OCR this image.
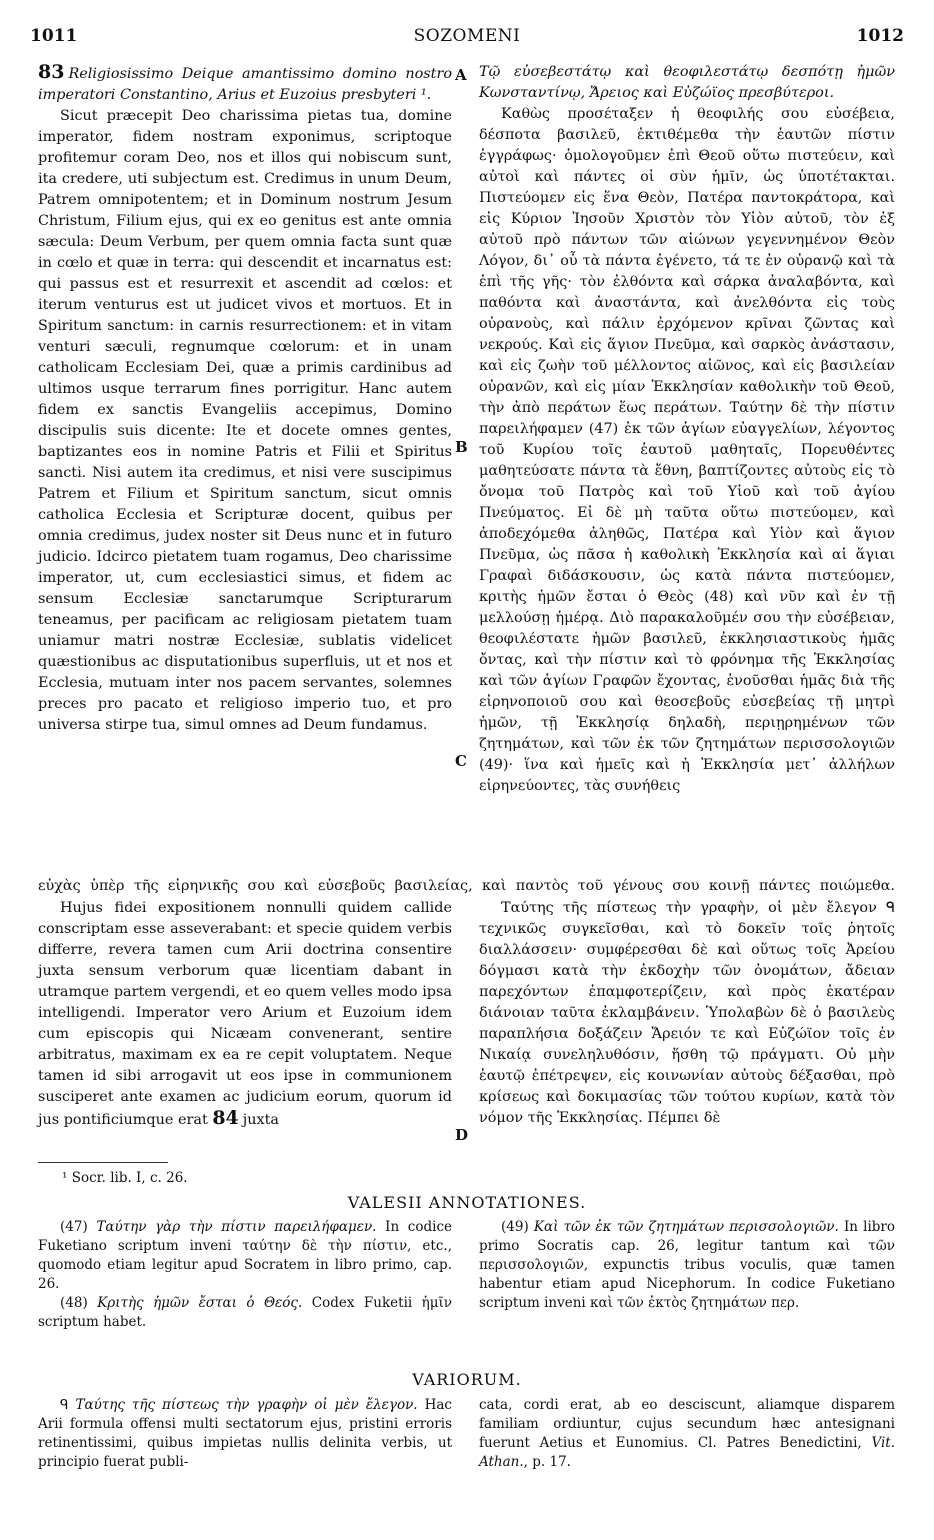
1011	SOZOMENI	1012

83 Religiosissimo Deique amantissimo domino nostro imperatori Constantino, Arius et Euzoius presbyteri ¹.

Sicut præcepit Deo charissima pietas tua, domine imperator, fidem nostram exponimus, scriptoque profitemur coram Deo, nos et illos qui nobiscum sunt, ita credere, uti subjectum est. Credimus in unum Deum, Patrem omnipotentem; et in Dominum nostrum Jesum Christum, Filium ejus, qui ex eo genitus est ante omnia sæcula: Deum Verbum, per quem omnia facta sunt quæ in cœlo et quæ in terra: qui descendit et incarnatus est: qui passus est et resurrexit et ascendit ad cœlos: et iterum venturus est ut judicet vivos et mortuos. Et in Spiritum sanctum: in carnis resurrectionem: et in vitam venturi sæculi, regnumque cœlorum: et in unam catholicam Ecclesiam Dei, quæ a primis cardinibus ad ultimos usque terrarum fines porrigitur. Hanc autem fidem ex sanctis Evangeliis accepimus, Domino discipulis suis dicente: Ite et docete omnes gentes, baptizantes eos in nomine Patris et Filii et Spiritus sancti. Nisi autem ita credimus, et nisi vere suscipimus Patrem et Filium et Spiritum sanctum, sicut omnis catholica Ecclesia et Scripturæ docent, quibus per omnia credimus, judex noster sit Deus nunc et in futuro judicio. Idcirco pietatem tuam rogamus, Deo charissime imperator, ut, cum ecclesiastici simus, et fidem ac sensum Ecclesiæ sanctarumque Scripturarum teneamus, per pacificam ac religiosam pietatem tuam uniamur matri nostræ Ecclesiæ, sublatis videlicet quæstionibus ac disputationibus superfluis, ut et nos et Ecclesia, mutuam inter nos pacem servantes, solemnes preces pro pacato et religioso imperio tuo, et pro universa stirpe tua, simul omnes ad Deum fundamus.

Τῷ εὐσεβεστάτῳ καὶ θεοφιλεστάτῳ δεσπότῃ ἡμῶν Κωνσταντίνῳ, Ἄρειος καὶ Εὐζώϊος πρεσβύτεροι.

Καθὼς προσέταξεν ἡ θεοφιλής σου εὐσέβεια, δέσποτα βασιλεῦ, ἐκτιθέμεθα τὴν ἑαυτῶν πίστιν ἐγγράφως· ὁμολογοῦμεν ἐπὶ Θεοῦ οὕτω πιστεύειν, καὶ αὐτοὶ καὶ πάντες οἱ σὺν ἡμῖν, ὡς ὑποτέτακται. Πιστεύομεν εἰς ἕνα Θεὸν, Πατέρα παντοκράτορα, καὶ εἰς Κύριον Ἰησοῦν Χριστὸν τὸν Υἱὸν αὐτοῦ, τὸν ἐξ αὐτοῦ πρὸ πάντων τῶν αἰώνων γεγεννημένον Θεὸν Λόγον, δι᾽ οὗ τὰ πάντα ἐγένετο, τά τε ἐν οὐρανῷ καὶ τὰ ἐπὶ τῆς γῆς· τὸν ἐλθόντα καὶ σάρκα ἀναλαβόντα, καὶ παθόντα καὶ ἀναστάντα, καὶ ἀνελθόντα εἰς τοὺς οὐρανοὺς, καὶ πάλιν ἐρχόμενον κρῖναι ζῶντας καὶ νεκρούς. Καὶ εἰς ἅγιον Πνεῦμα, καὶ σαρκὸς ἀνάστασιν, καὶ εἰς ζωὴν τοῦ μέλλοντος αἰῶνος, καὶ εἰς βασιλείαν οὐρανῶν, καὶ εἰς μίαν Ἐκκλησίαν καθολικὴν τοῦ Θεοῦ, τὴν ἀπὸ περάτων ἕως περάτων. Ταύτην δὲ τὴν πίστιν παρειλήφαμεν (47) ἐκ τῶν ἁγίων εὐαγγελίων, λέγοντος τοῦ Κυρίου τοῖς ἑαυτοῦ μαθηταῖς, Πορευθέντες μαθητεύσατε πάντα τὰ ἔθνη, βαπτίζοντες αὐτοὺς εἰς τὸ ὄνομα τοῦ Πατρὸς καὶ τοῦ Υἱοῦ καὶ τοῦ ἁγίου Πνεύματος. Εἰ δὲ μὴ ταῦτα οὕτω πιστεύομεν, καὶ ἀποδεχόμεθα ἀληθῶς, Πατέρα καὶ Υἱὸν καὶ ἅγιον Πνεῦμα, ὡς πᾶσα ἡ καθολικὴ Ἐκκλησία καὶ αἱ ἅγιαι Γραφαὶ διδάσκουσιν, ὡς κατὰ πάντα πιστεύομεν, κριτὴς ἡμῶν ἔσται ὁ Θεὸς (48) καὶ νῦν καὶ ἐν τῇ μελλούσῃ ἡμέρᾳ. Διὸ παρακαλοῦμέν σου τὴν εὐσέβειαν, θεοφιλέστατε ἡμῶν βασιλεῦ, ἐκκλησιαστικοὺς ἡμᾶς ὄντας, καὶ τὴν πίστιν καὶ τὸ φρόνημα τῆς Ἐκκλησίας καὶ τῶν ἁγίων Γραφῶν ἔχοντας, ἑνοῦσθαι ἡμᾶς διὰ τῆς εἰρηνοποιοῦ σου καὶ θεοσεβοῦς εὐσεβείας τῇ μητρὶ ἡμῶν, τῇ Ἐκκλησίᾳ δηλαδὴ, περιῃρημένων τῶν ζητημάτων, καὶ τῶν ἐκ τῶν ζητημάτων περισσολογιῶν (49)· ἵνα καὶ ἡμεῖς καὶ ἡ Ἐκκλησία μετ᾽ ἀλλήλων εἰρηνεύοντες, τὰς συνήθεις

A
B
C
D
εὐχὰς ὑπὲρ τῆς εἰρηνικῆς σου καὶ εὐσεβοῦς βασιλείας, καὶ παντὸς τοῦ γένους σου κοινῇ πάντες ποιώμεθα.

Hujus fidei expositionem nonnulli quidem callide conscriptam esse asseverabant: et specie quidem verbis differre, revera tamen cum Arii doctrina consentire juxta sensum verborum quæ licentiam dabant in utramque partem vergendi, et eo quem velles modo ipsa intelligendi. Imperator vero Arium et Euzoium idem cum episcopis qui Nicæam convenerant, sentire arbitratus, maximam ex ea re cepit voluptatem. Neque tamen id sibi arrogavit ut eos ipse in communionem susciperet ante examen ac judicium eorum, quorum id jus pontificiumque erat 84 juxta

Ταύτης τῆς πίστεως τὴν γραφὴν, οἱ μὲν ἔλεγον ᑫ τεχνικῶς συγκεῖσθαι, καὶ τὸ δοκεῖν τοῖς ῥητοῖς διαλλάσσειν· συμφέρεσθαι δὲ καὶ οὕτως τοῖς Ἀρείου δόγμασι κατὰ τὴν ἐκδοχὴν τῶν ὀνομάτων, ἄδειαν παρεχόντων ἐπαμφοτερίζειν, καὶ πρὸς ἑκατέραν διάνοιαν ταῦτα ἐκλαμβάνειν. Ὑπολαβὼν δὲ ὁ βασιλεὺς παραπλήσια δοξάζειν Ἄρειόν τε καὶ Εὐζώϊον τοῖς ἐν Νικαίᾳ συνεληλυθόσιν, ἥσθη τῷ πράγματι. Οὐ μὴν ἑαυτῷ ἐπέτρεψεν, εἰς κοινωνίαν αὐτοὺς δέξασθαι, πρὸ κρίσεως καὶ δοκιμασίας τῶν τούτου κυρίων, κατὰ τὸν νόμον τῆς Ἐκκλησίας. Πέμπει δὲ

¹ Socr. lib. I, c. 26.
VALESII ANNOTATIONES.

(47) Ταύτην γὰρ τὴν πίστιν παρειλήφαμεν. In codice Fuketiano scriptum inveni ταύτην δὲ τὴν πίστιν, etc., quomodo etiam legitur apud Socratem in libro primo, cap. 26.

(48) Κριτὴς ἡμῶν ἔσται ὁ Θεός. Codex Fuketii ἡμῖν scriptum habet.

(49) Καὶ τῶν ἐκ τῶν ζητημάτων περισσολογιῶν. In libro primo Socratis cap. 26, legitur tantum καὶ τῶν περισσολογιῶν, expunctis tribus voculis, quæ tamen habentur etiam apud Nicephorum. In codice Fuketiano scriptum inveni καὶ τῶν ἐκτὸς ζητημάτων περ.

VARIORUM.

ᑫ Ταύτης τῆς πίστεως τὴν γραφὴν οἱ μὲν ἔλεγον. Hac Arii formula offensi multi sectatorum ejus, pristini erroris retinentissimi, quibus impietas nullis delinita verbis, ut principio fuerat publi-

cata, cordi erat, ab eo desciscunt, aliamque disparem familiam ordiuntur, cujus secundum hæc antesignani fuerunt Aetius et Eunomius. Cl. Patres Benedictini, Vit. Athan., p. 17.
